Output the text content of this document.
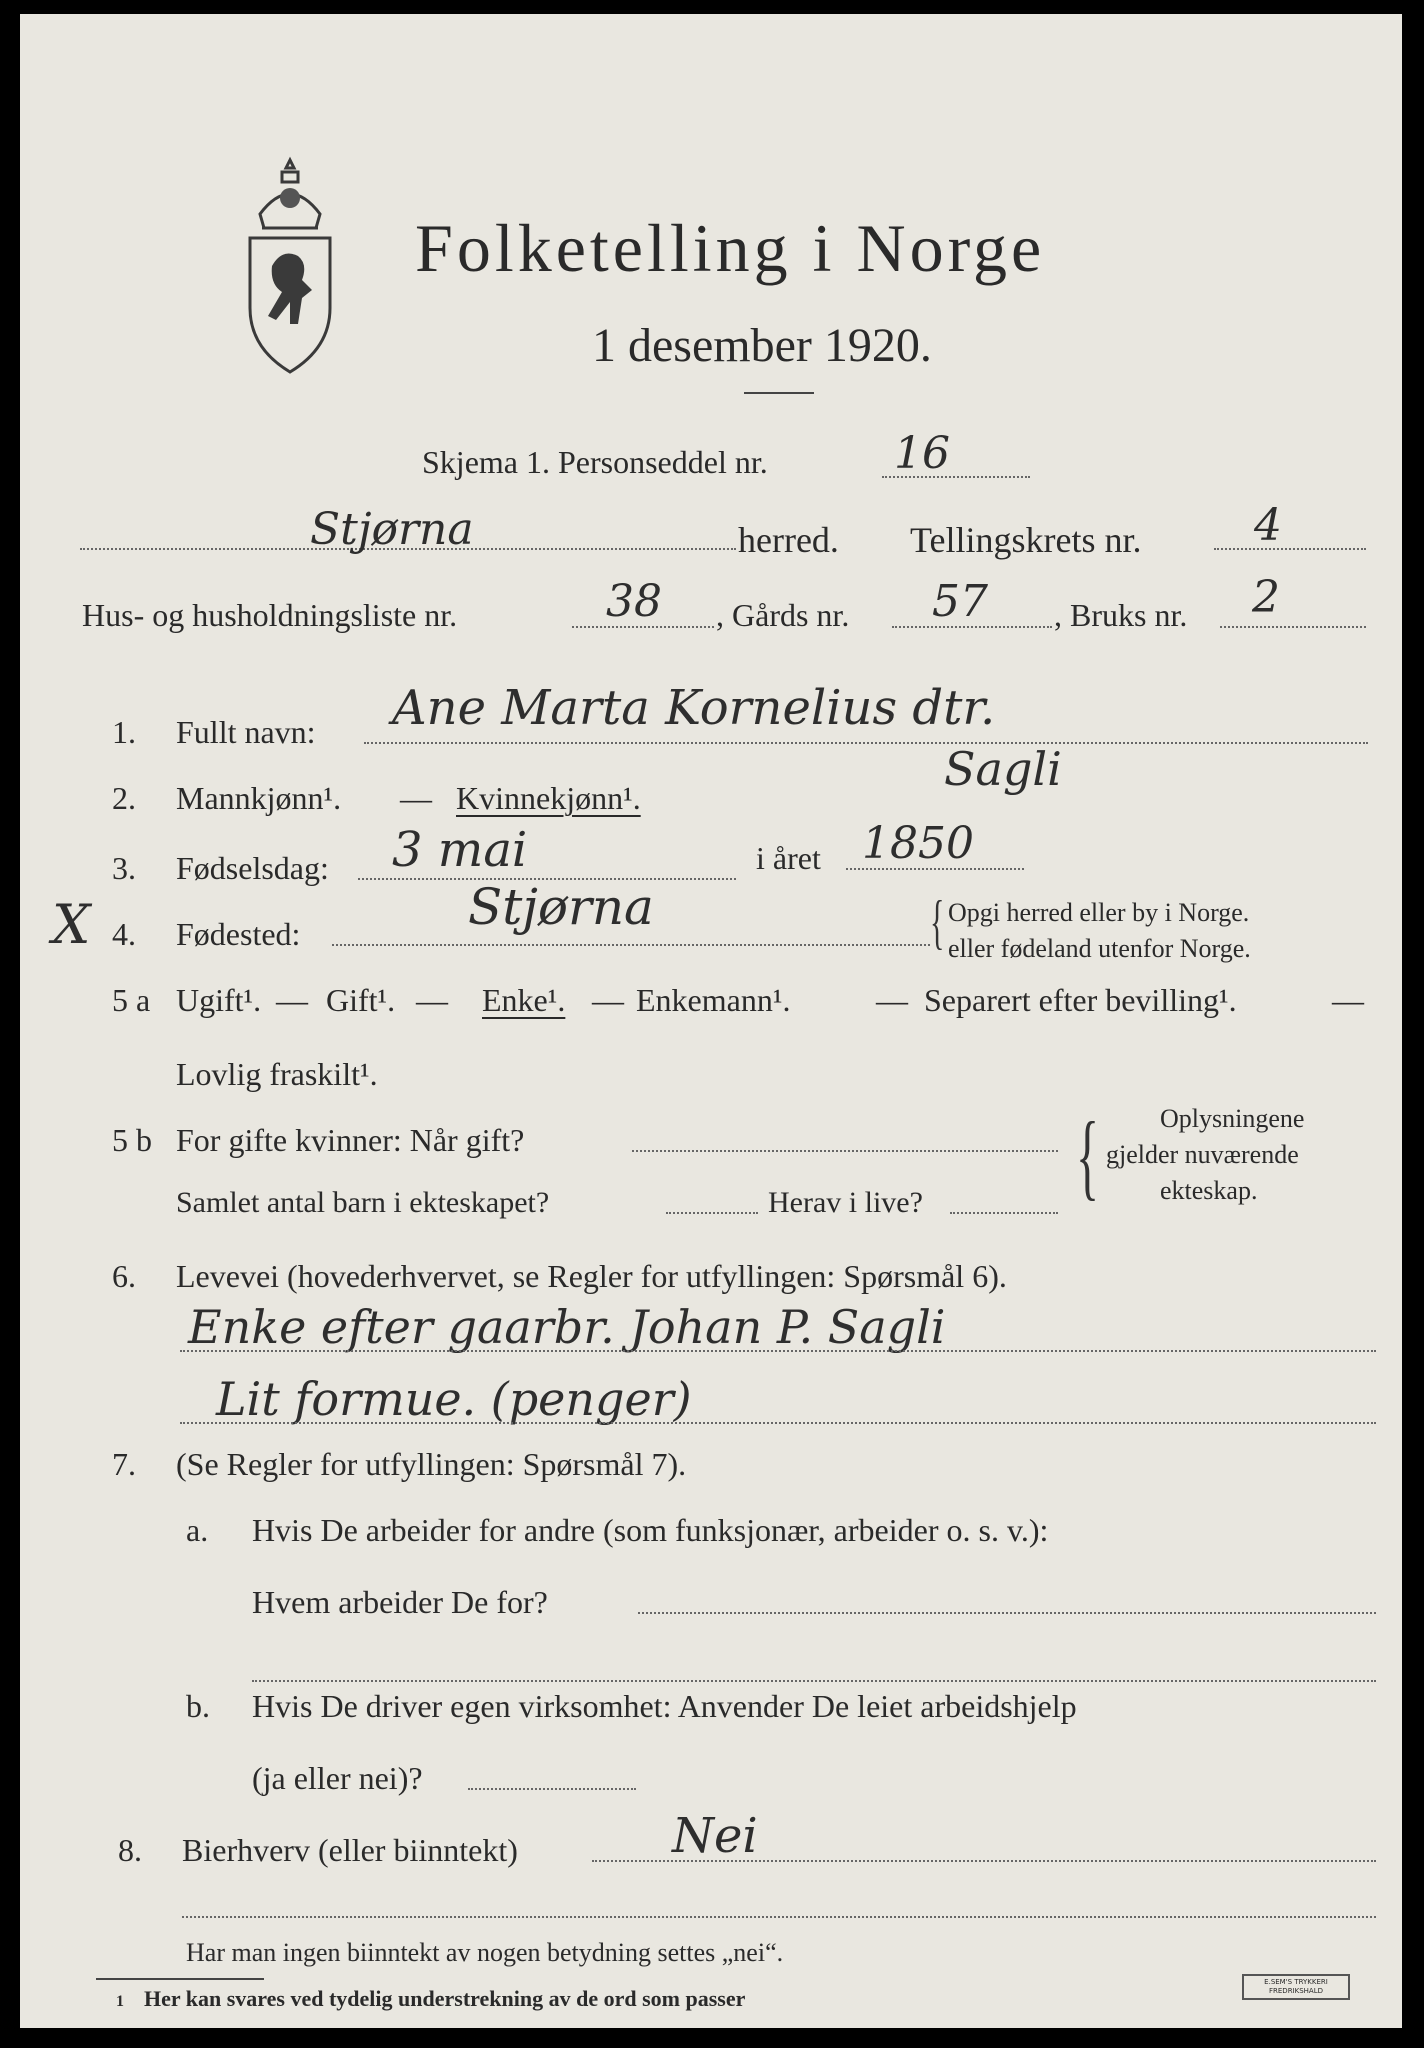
Folketelling i Norge
1 desember 1920.
Skjema 1. Personseddel nr.	16
Stjørna	herred. Tellingskrets nr.	4
Hus- og husholdningsliste nr.	38 , Gårds nr. 57 , Bruks nr. 2
1. Fullt navn: Ane Marta Kornelius dtr.
2. Mannkjønn¹. — Kvinnekjønn¹.
Sagli
3. Fødselsdag: 3 mai	i året 1850
X 4. Fødested:	Stjørna	{ Opgi herred eller by i Norge.
eller fødeland utenfor Norge.
5 a Ugift¹. — Gift¹. — Enke¹. — Enkemann¹.	— Separert efter bevilling¹.	—
Lovlig fraskilt¹.
5 b For gifte kvinner: Når gift?
Samlet antal barn i ekteskapet?	Herav i live? { Oplysningene
gjelder nuværende
ekteskap.
6. Levevei (hovederhvervet, se Regler for utfyllingen: Spørsmål 6).
Enke efter gaarbr. Johan P. Sagli
Lit formue. (penger)
7. (Se Regler for utfyllingen: Spørsmål 7).
a. Hvis De arbeider for andre (som funksjonær, arbeider o. s. v.):
Hvem arbeider De for?
b. Hvis De driver egen virksomhet: Anvender De leiet arbeidshjelp
(ja eller nei)?
8. Bierhverv (eller biinntekt)	Nei
Har man ingen biinntekt av nogen betydning settes „nei“.
1 Her kan svares ved tydelig understrekning av de ord som passer
E.SEM'S TRYKKERI FREDRIKSHALD
